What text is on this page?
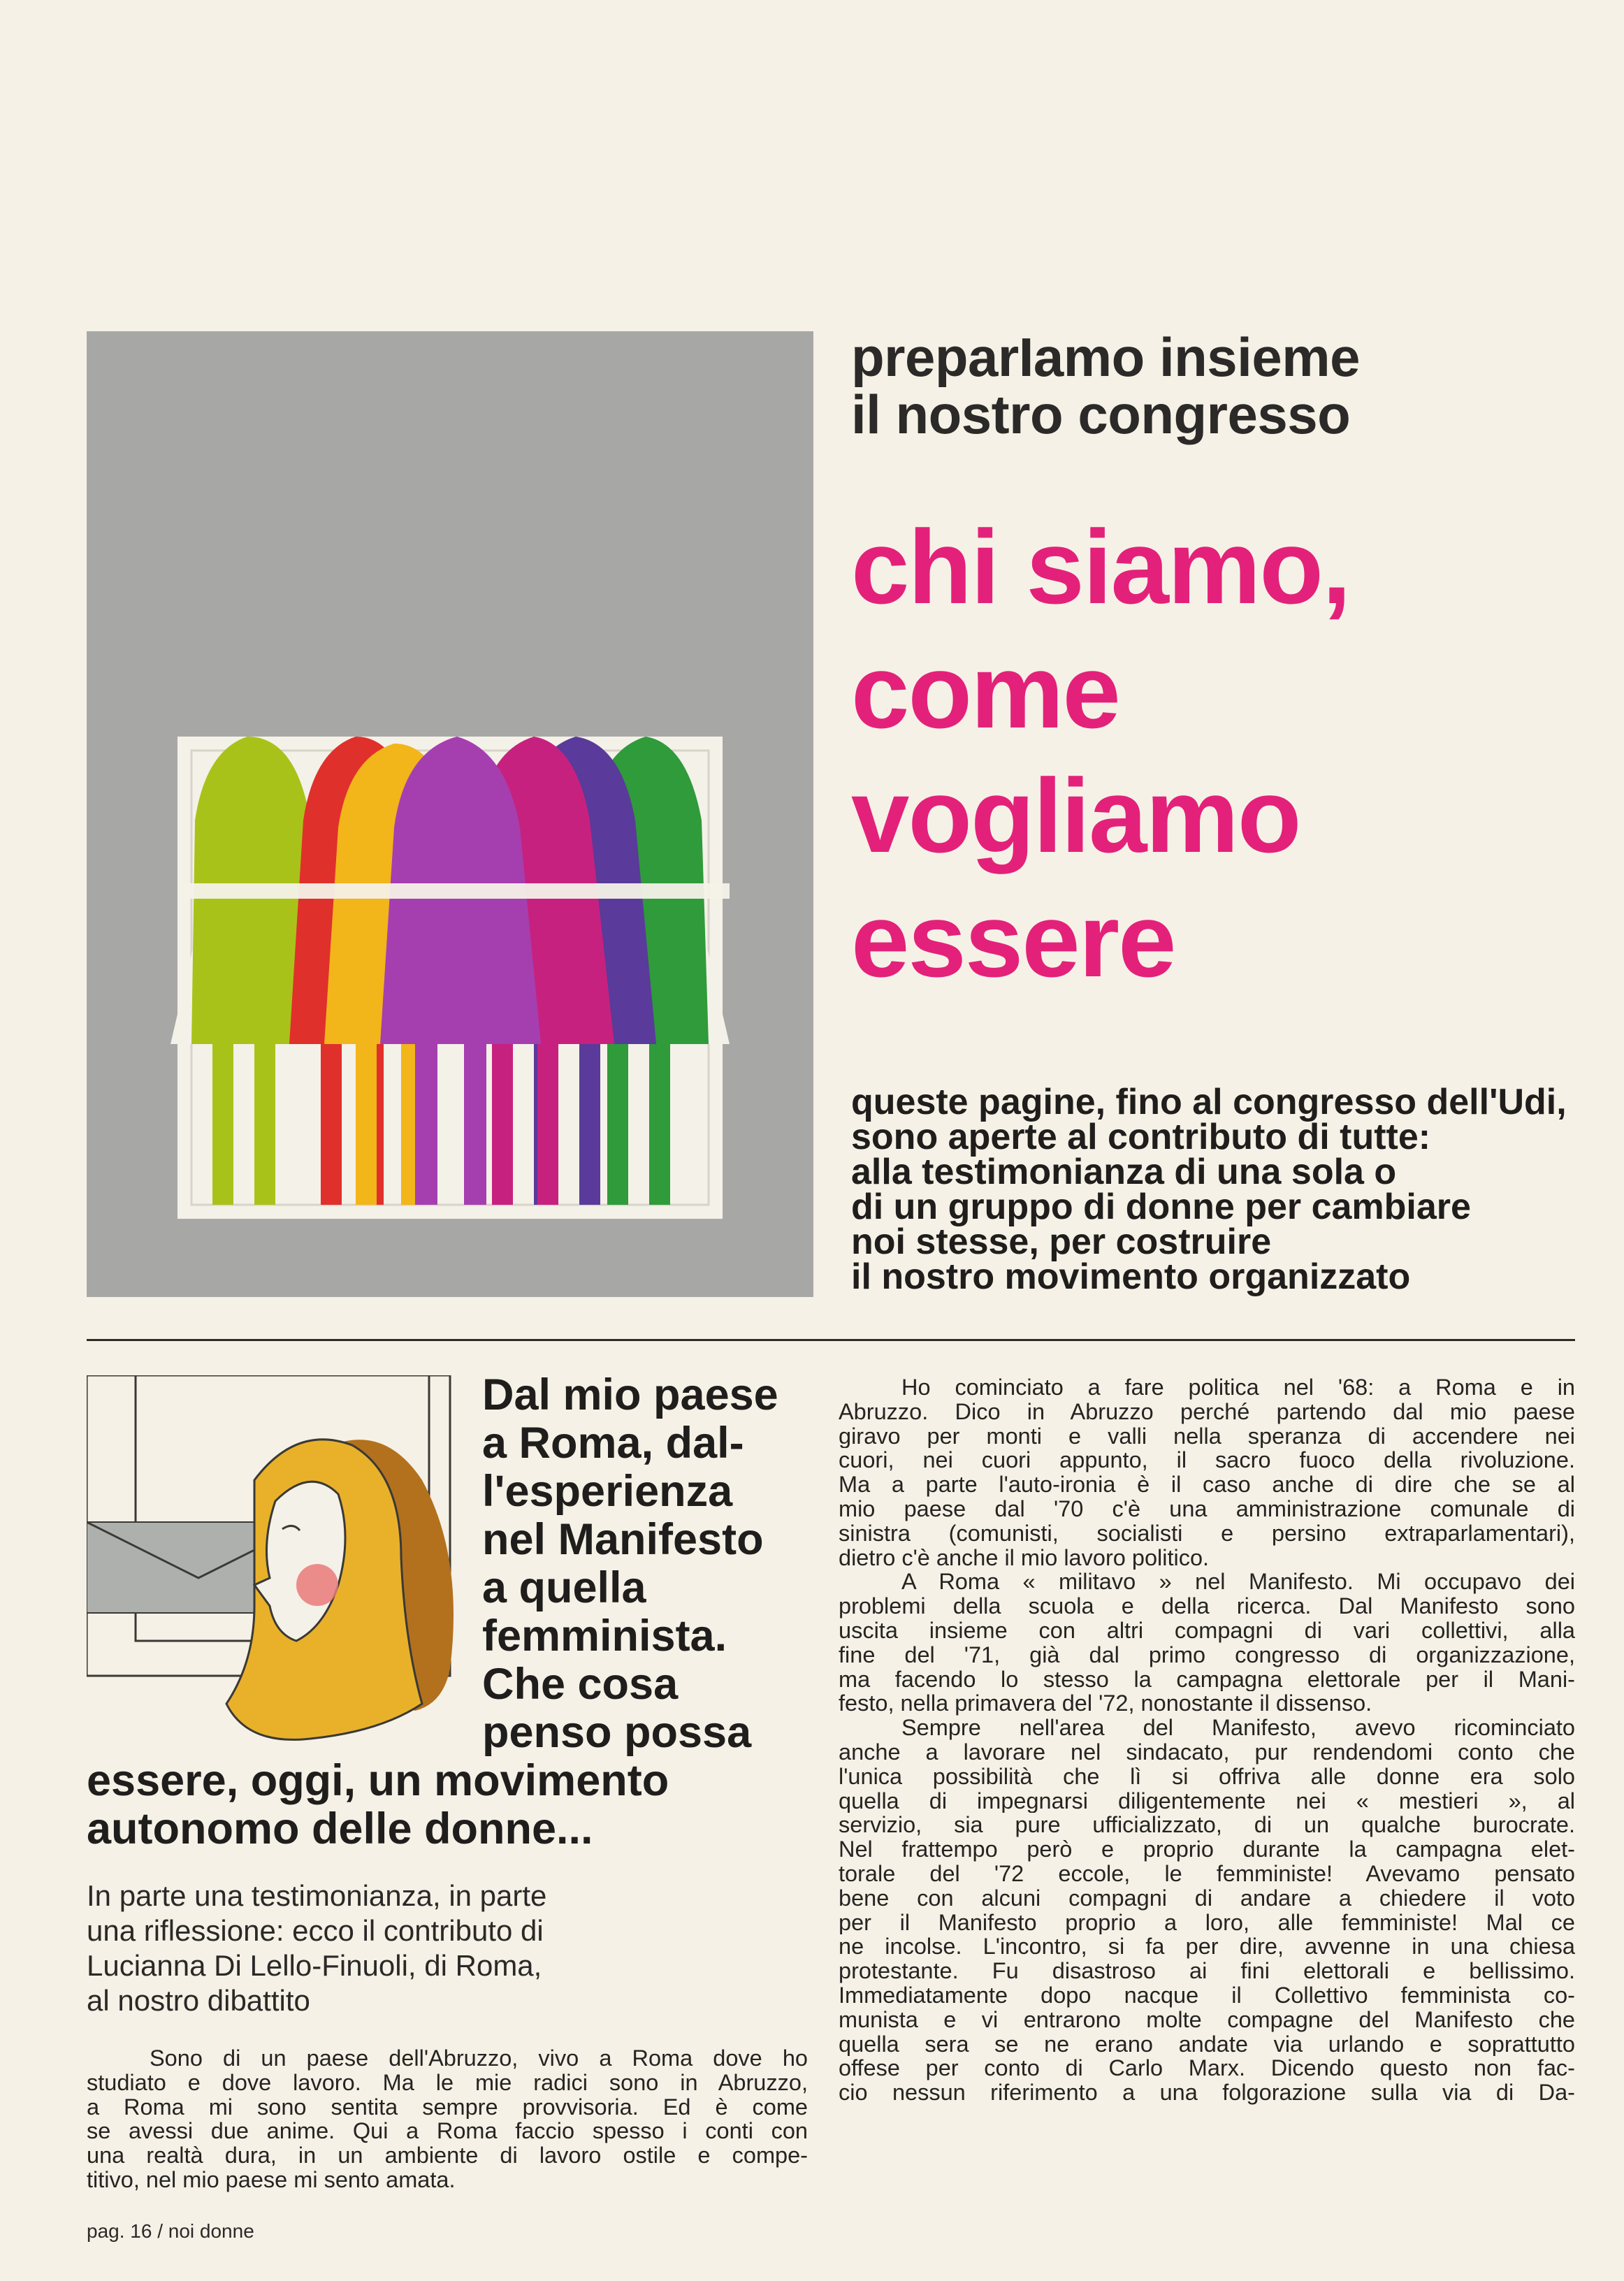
preparIamo insieme
il nostro congresso
chi siamo,
come
vogliamo
essere
queste pagine, fino al congresso dell'Udi,
sono aperte al contributo di tutte:
alla testimonianza di una sola o
di un gruppo di donne per cambiare
noi stesse, per costruire
il nostro movimento organizzato
Dal mio paese
a Roma, dal-
l'esperienza
nel Manifesto
a quella
femminista.
Che cosa
penso possa
essere, oggi, un movimento
autonomo delle donne...
In parte una testimonianza, in parte
una riflessione: ecco il contributo di
Lucianna Di Lello-Finuoli, di Roma,
al nostro dibattito
Sono di un paese dell'Abruzzo, vivo a Roma dove ho
studiato e dove lavoro. Ma le mie radici sono in Abruzzo,
a Roma mi sono sentita sempre provvisoria. Ed è come
se avessi due anime. Qui a Roma faccio spesso i conti con
una realtà dura, in un ambiente di lavoro ostile e compe-
titivo, nel mio paese mi sento amata.
Ho cominciato a fare politica nel '68: a Roma e in
Abruzzo. Dico in Abruzzo perché partendo dal mio paese
giravo per monti e valli nella speranza di accendere nei
cuori, nei cuori appunto, il sacro fuoco della rivoluzione.
Ma a parte l'auto-ironia è il caso anche di dire che se al
mio paese dal '70 c'è una amministrazione comunale di
sinistra (comunisti, socialisti e persino extraparlamentari),
dietro c'è anche il mio lavoro politico.
A Roma « militavo » nel Manifesto. Mi occupavo dei
problemi della scuola e della ricerca. Dal Manifesto sono
uscita insieme con altri compagni di vari collettivi, alla
fine del '71, già dal primo congresso di organizzazione,
ma facendo lo stesso la campagna elettorale per il Mani-
festo, nella primavera del '72, nonostante il dissenso.
Sempre nell'area del Manifesto, avevo ricominciato
anche a lavorare nel sindacato, pur rendendomi conto che
l'unica possibilità che lì si offriva alle donne era solo
quella di impegnarsi diligentemente nei « mestieri », al
servizio, sia pure ufficializzato, di un qualche burocrate.
Nel frattempo però e proprio durante la campagna elet-
torale del '72 eccole, le femministe! Avevamo pensato
bene con alcuni compagni di andare a chiedere il voto
per il Manifesto proprio a loro, alle femministe! Mal ce
ne incolse. L'incontro, si fa per dire, avvenne in una chiesa
protestante. Fu disastroso ai fini elettorali e bellissimo.
Immediatamente dopo nacque il Collettivo femminista co-
munista e vi entrarono molte compagne del Manifesto che
quella sera se ne erano andate via urlando e soprattutto
offese per conto di Carlo Marx. Dicendo questo non fac-
cio nessun riferimento a una folgorazione sulla via di Da-
pag. 16 / noi donne
